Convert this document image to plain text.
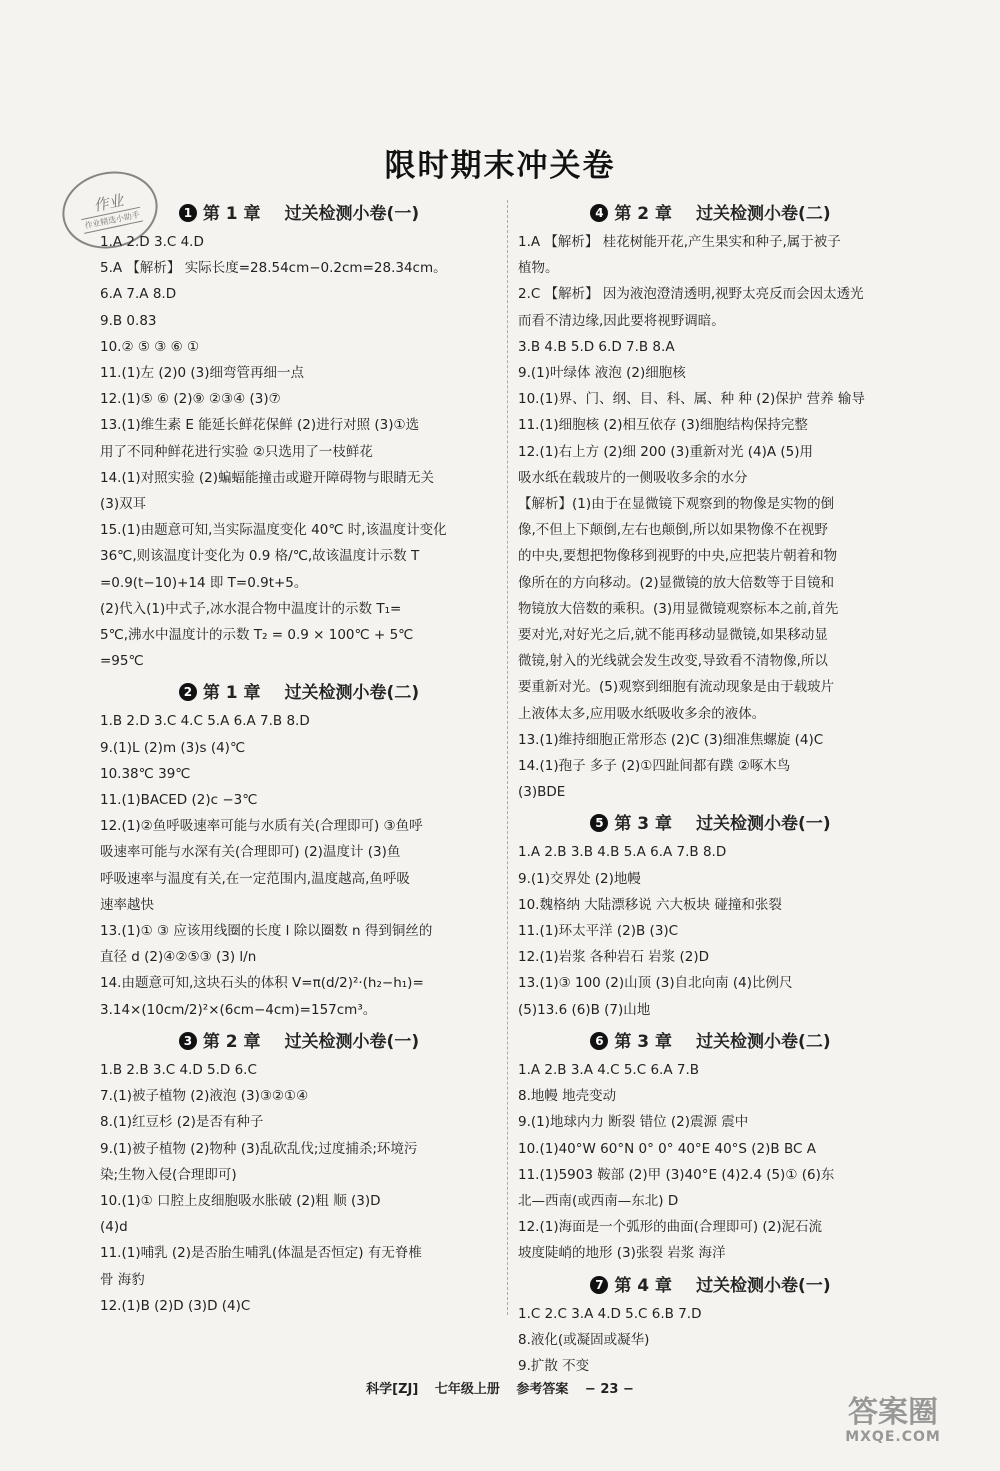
限时期末冲关卷
作业
作业精选小助手	1 第 1 章 过关检测小卷(一)
1.A 2.D 3.C 4.D
5.A 【解析】 实际长度=28.54cm−0.2cm=28.34cm。
6.A 7.A 8.D
9.B 0.83
10.② ⑤ ③ ⑥ ①
11.(1)左 (2)0 (3)细弯管再细一点
12.(1)⑤ ⑥ (2)⑨ ②③④ (3)⑦
13.(1)维生素 E 能延长鲜花保鲜 (2)进行对照 (3)①选
用了不同种鲜花进行实验 ②只选用了一枝鲜花
14.(1)对照实验 (2)蝙蝠能撞击或避开障碍物与眼睛无关
(3)双耳
15.(1)由题意可知,当实际温度变化 40℃ 时,该温度计变化
36℃,则该温度计变化为 0.9 格/℃,故该温度计示数 T
=0.9(t−10)+14 即 T=0.9t+5。
(2)代入(1)中式子,冰水混合物中温度计的示数 T₁=
5℃,沸水中温度计的示数 T₂ = 0.9 × 100℃ + 5℃
=95℃
2 第 1 章 过关检测小卷(二)
1.B 2.D 3.C 4.C 5.A 6.A 7.B 8.D
9.(1)L (2)m (3)s (4)℃
10.38℃ 39℃
11.(1)BACED (2)c −3℃
12.(1)②鱼呼吸速率可能与水质有关(合理即可) ③鱼呼
吸速率可能与水深有关(合理即可) (2)温度计 (3)鱼
呼吸速率与温度有关,在一定范围内,温度越高,鱼呼吸
速率越快
13.(1)① ③ 应该用线圈的长度 l 除以圈数 n 得到铜丝的
直径 d (2)④②⑤③ (3) l/n
14.由题意可知,这块石头的体积 V=π(d/2)²·(h₂−h₁)=
3.14×(10cm/2)²×(6cm−4cm)=157cm³。
3 第 2 章 过关检测小卷(一)
1.B 2.B 3.C 4.D 5.D 6.C
7.(1)被子植物 (2)液泡 (3)③②①④
8.(1)红豆杉 (2)是否有种子
9.(1)被子植物 (2)物种 (3)乱砍乱伐;过度捕杀;环境污
染;生物入侵(合理即可)
10.(1)① 口腔上皮细胞吸水胀破 (2)粗 顺 (3)D
(4)d
11.(1)哺乳 (2)是否胎生哺乳(体温是否恒定) 有无脊椎
骨 海豹
12.(1)B (2)D (3)D (4)C
4 第 2 章 过关检测小卷(二)
1.A 【解析】 桂花树能开花,产生果实和种子,属于被子
植物。
2.C 【解析】 因为液泡澄清透明,视野太亮反而会因太透光
而看不清边缘,因此要将视野调暗。
3.B 4.B 5.D 6.D 7.B 8.A
9.(1)叶绿体 液泡 (2)细胞核
10.(1)界、门、纲、目、科、属、种 种 (2)保护 营养 输导
11.(1)细胞核 (2)相互依存 (3)细胞结构保持完整
12.(1)右上方 (2)细 200 (3)重新对光 (4)A (5)用
吸水纸在载玻片的一侧吸收多余的水分
【解析】(1)由于在显微镜下观察到的物像是实物的倒
像,不但上下颠倒,左右也颠倒,所以如果物像不在视野
的中央,要想把物像移到视野的中央,应把装片朝着和物
像所在的方向移动。(2)显微镜的放大倍数等于目镜和
物镜放大倍数的乘积。(3)用显微镜观察标本之前,首先
要对光,对好光之后,就不能再移动显微镜,如果移动显
微镜,射入的光线就会发生改变,导致看不清物像,所以
要重新对光。(5)观察到细胞有流动现象是由于载玻片
上液体太多,应用吸水纸吸收多余的液体。
13.(1)维持细胞正常形态 (2)C (3)细准焦螺旋 (4)C
14.(1)孢子 多子 (2)①四趾间都有蹼 ②啄木鸟
(3)BDE
5 第 3 章 过关检测小卷(一)
1.A 2.B 3.B 4.B 5.A 6.A 7.B 8.D
9.(1)交界处 (2)地幔
10.魏格纳 大陆漂移说 六大板块 碰撞和张裂
11.(1)环太平洋 (2)B (3)C
12.(1)岩浆 各种岩石 岩浆 (2)D
13.(1)③ 100 (2)山顶 (3)自北向南 (4)比例尺
(5)13.6 (6)B (7)山地
6 第 3 章 过关检测小卷(二)
1.A 2.B 3.A 4.C 5.C 6.A 7.B
8.地幔 地壳变动
9.(1)地球内力 断裂 错位 (2)震源 震中
10.(1)40°W 60°N 0° 0° 40°E 40°S (2)B BC A
11.(1)5903 鞍部 (2)甲 (3)40°E (4)2.4 (5)① (6)东
北—西南(或西南—东北) D
12.(1)海面是一个弧形的曲面(合理即可) (2)泥石流
坡度陡峭的地形 (3)张裂 岩浆 海洋
7 第 4 章 过关检测小卷(一)
1.C 2.C 3.A 4.D 5.C 6.B 7.D
8.液化(或凝固或凝华)
9.扩散 不变
科学[ZJ] 七年级上册 参考答案 − 23 −
答案圈
MXQE.COM
